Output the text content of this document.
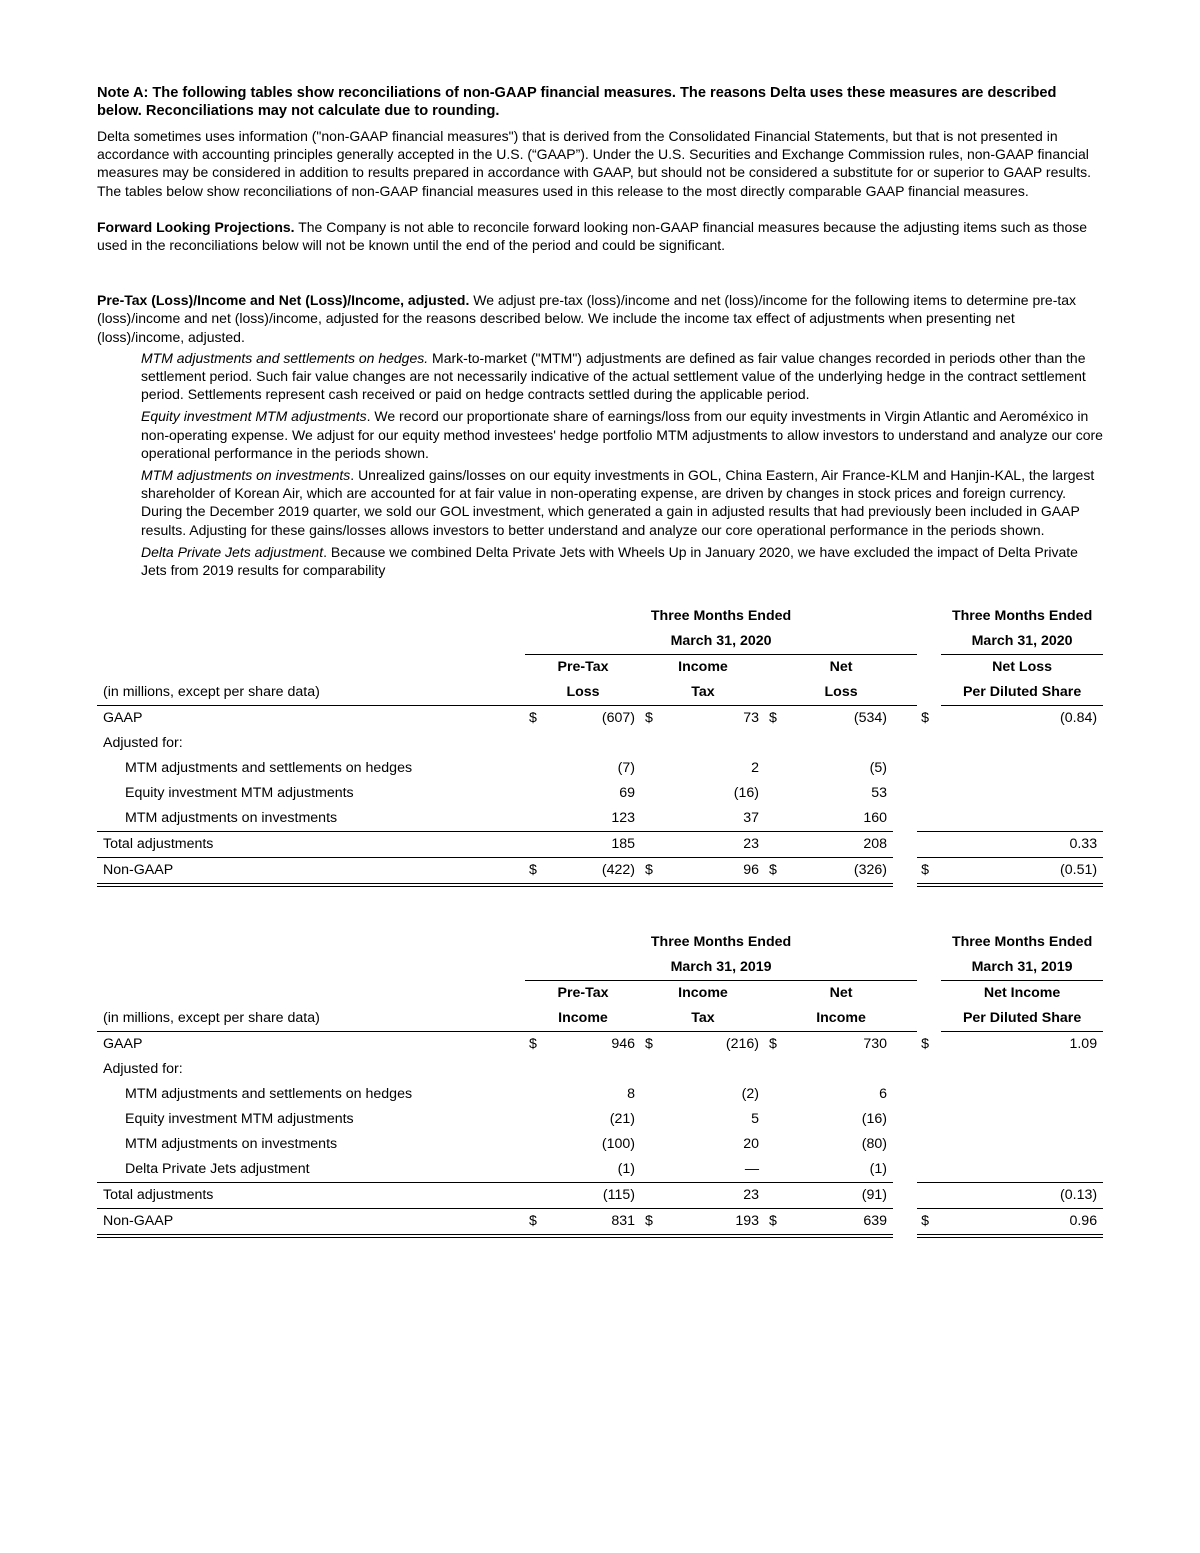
Note A: The following tables show reconciliations of non-GAAP financial measures. The reasons Delta uses these measures are described below. Reconciliations may not calculate due to rounding.

Delta sometimes uses information ("non-GAAP financial measures") that is derived from the Consolidated Financial Statements, but that is not presented in accordance with accounting principles generally accepted in the U.S. (“GAAP”). Under the U.S. Securities and Exchange Commission rules, non-GAAP financial measures may be considered in addition to results prepared in accordance with GAAP, but should not be considered a substitute for or superior to GAAP results. The tables below show reconciliations of non-GAAP financial measures used in this release to the most directly comparable GAAP financial measures.

Forward Looking Projections. The Company is not able to reconcile forward looking non-GAAP financial measures because the adjusting items such as those used in the reconciliations below will not be known until the end of the period and could be significant.

Pre-Tax (Loss)/Income and Net (Loss)/Income, adjusted. We adjust pre-tax (loss)/income and net (loss)/income for the following items to determine pre-tax (loss)/income and net (loss)/income, adjusted for the reasons described below. We include the income tax effect of adjustments when presenting net (loss)/income, adjusted.

MTM adjustments and settlements on hedges. Mark-to-market ("MTM") adjustments are defined as fair value changes recorded in periods other than the settlement period. Such fair value changes are not necessarily indicative of the actual settlement value of the underlying hedge in the contract settlement period. Settlements represent cash received or paid on hedge contracts settled during the applicable period.

Equity investment MTM adjustments. We record our proportionate share of earnings/loss from our equity investments in Virgin Atlantic and Aeroméxico in non-operating expense. We adjust for our equity method investees' hedge portfolio MTM adjustments to allow investors to understand and analyze our core operational performance in the periods shown.

MTM adjustments on investments. Unrealized gains/losses on our equity investments in GOL, China Eastern, Air France-KLM and Hanjin-KAL, the largest shareholder of Korean Air, which are accounted for at fair value in non-operating expense, are driven by changes in stock prices and foreign currency. During the December 2019 quarter, we sold our GOL investment, which generated a gain in adjusted results that had previously been included in GAAP results. Adjusting for these gains/losses allows investors to better understand and analyze our core operational performance in the periods shown.

Delta Private Jets adjustment. Because we combined Delta Private Jets with Wheels Up in January 2020, we have excluded the impact of Delta Private Jets from 2019 results for comparability

	Three Months Ended								Three Months Ended
	March 31, 2020								March 31, 2020
	Pre-Tax		Income		Net				Net Loss
(in millions, except per share data)	Loss		Tax		Loss				Per Diluted Share
GAAP	$	(607)	$	73	$	(534)		$	(0.84)
Adjusted for:									
MTM adjustments and settlements on hedges		(7)		2		(5)			
Equity investment MTM adjustments		69		(16)		53			
MTM adjustments on investments		123		37		160			
Total adjustments		185		23		208			0.33
Non-GAAP	$	(422)	$	96	$	(326)		$	(0.51)
	Three Months Ended								Three Months Ended
	March 31, 2019								March 31, 2019
	Pre-Tax		Income		Net				Net Income
(in millions, except per share data)	Income		Tax		Income				Per Diluted Share
GAAP	$	946	$	(216)	$	730		$	1.09
Adjusted for:									
MTM adjustments and settlements on hedges		8		(2)		6			
Equity investment MTM adjustments		(21)		5		(16)			
MTM adjustments on investments		(100)		20		(80)			
Delta Private Jets adjustment		(1)		—		(1)			
Total adjustments		(115)		23		(91)			(0.13)
Non-GAAP	$	831	$	193	$	639		$	0.96
